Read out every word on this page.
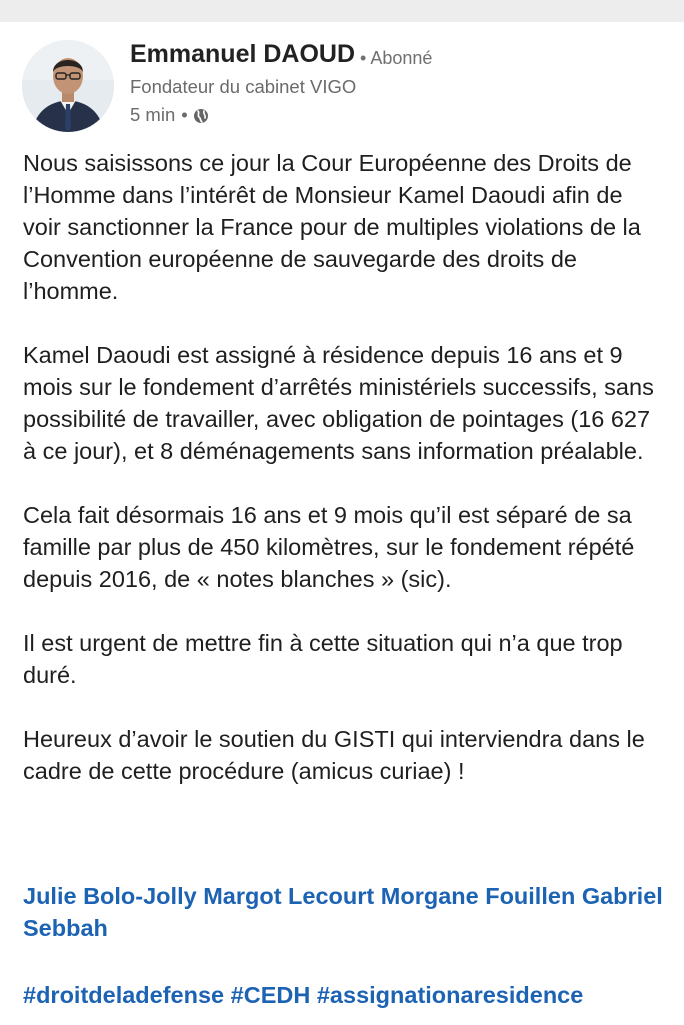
Emmanuel DAOUD • Abonné
Fondateur du cabinet VIGO
5 min •

Nous saisissons ce jour la Cour Européenne des Droits de l’Homme dans l’intérêt de Monsieur Kamel Daoudi afin de voir sanctionner la France pour de multiples violations de la Convention européenne de sauvegarde des droits de l’homme.

Kamel Daoudi est assigné à résidence depuis 16 ans et 9 mois sur le fondement d’arrêtés ministériels successifs, sans possibilité de travailler, avec obligation de pointages (16 627 à ce jour), et 8 déménagements sans information préalable.

Cela fait désormais 16 ans et 9 mois qu’il est séparé de sa famille par plus de 450 kilomètres, sur le fondement répété depuis 2016, de « notes blanches » (sic).

Il est urgent de mettre fin à cette situation qui n’a que trop duré.

Heureux d’avoir le soutien du GISTI qui interviendra dans le cadre de cette procédure (amicus curiae) !

Julie Bolo-Jolly Margot Lecourt Morgane Fouillen Gabriel Sebbah
#droitdeladefense #CEDH #assignationaresidence
